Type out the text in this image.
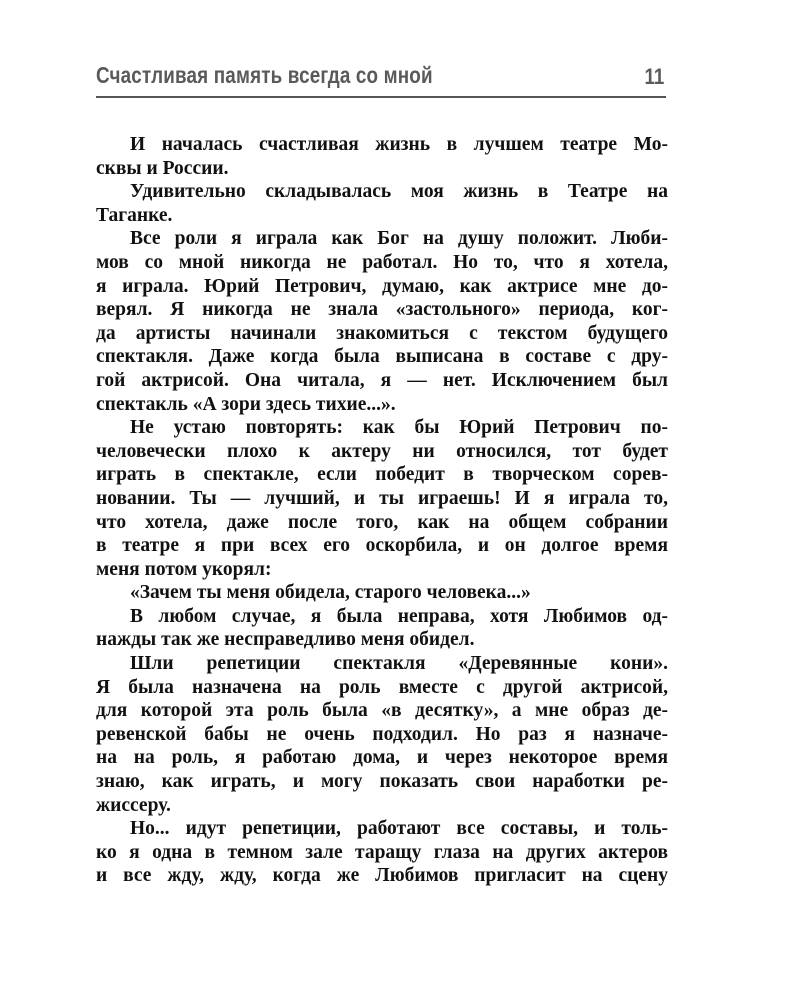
Счастливая память всегда со мной	11
И началась счастливая жизнь в лучшем театре Мо-
сквы и России.
Удивительно складывалась моя жизнь в Театре на
Таганке.
Все роли я играла как Бог на душу положит. Люби-
мов со мной никогда не работал. Но то, что я хотела,
я играла. Юрий Петрович, думаю, как актрисе мне до-
верял. Я никогда не знала «застольного» периода, ког-
да артисты начинали знакомиться с текстом будущего
спектакля. Даже когда была выписана в составе с дру-
гой актрисой. Она читала, я — нет. Исключением был
спектакль «А зори здесь тихие...».
Не устаю повторять: как бы Юрий Петрович по-
человечески плохо к актеру ни относился, тот будет
играть в спектакле, если победит в творческом сорев-
новании. Ты — лучший, и ты играешь! И я играла то,
что хотела, даже после того, как на общем собрании
в театре я при всех его оскорбила, и он долгое время
меня потом укорял:
«Зачем ты меня обидела, старого человека...»
В любом случае, я была неправа, хотя Любимов од-
нажды так же несправедливо меня обидел.
Шли репетиции спектакля «Деревянные кони».
Я была назначена на роль вместе с другой актрисой,
для которой эта роль была «в десятку», а мне образ де-
ревенской бабы не очень подходил. Но раз я назначе-
на на роль, я работаю дома, и через некоторое время
знаю, как играть, и могу показать свои наработки ре-
жиссеру.
Но... идут репетиции, работают все составы, и толь-
ко я одна в темном зале таращу глаза на других актеров
и все жду, жду, когда же Любимов пригласит на сцену
